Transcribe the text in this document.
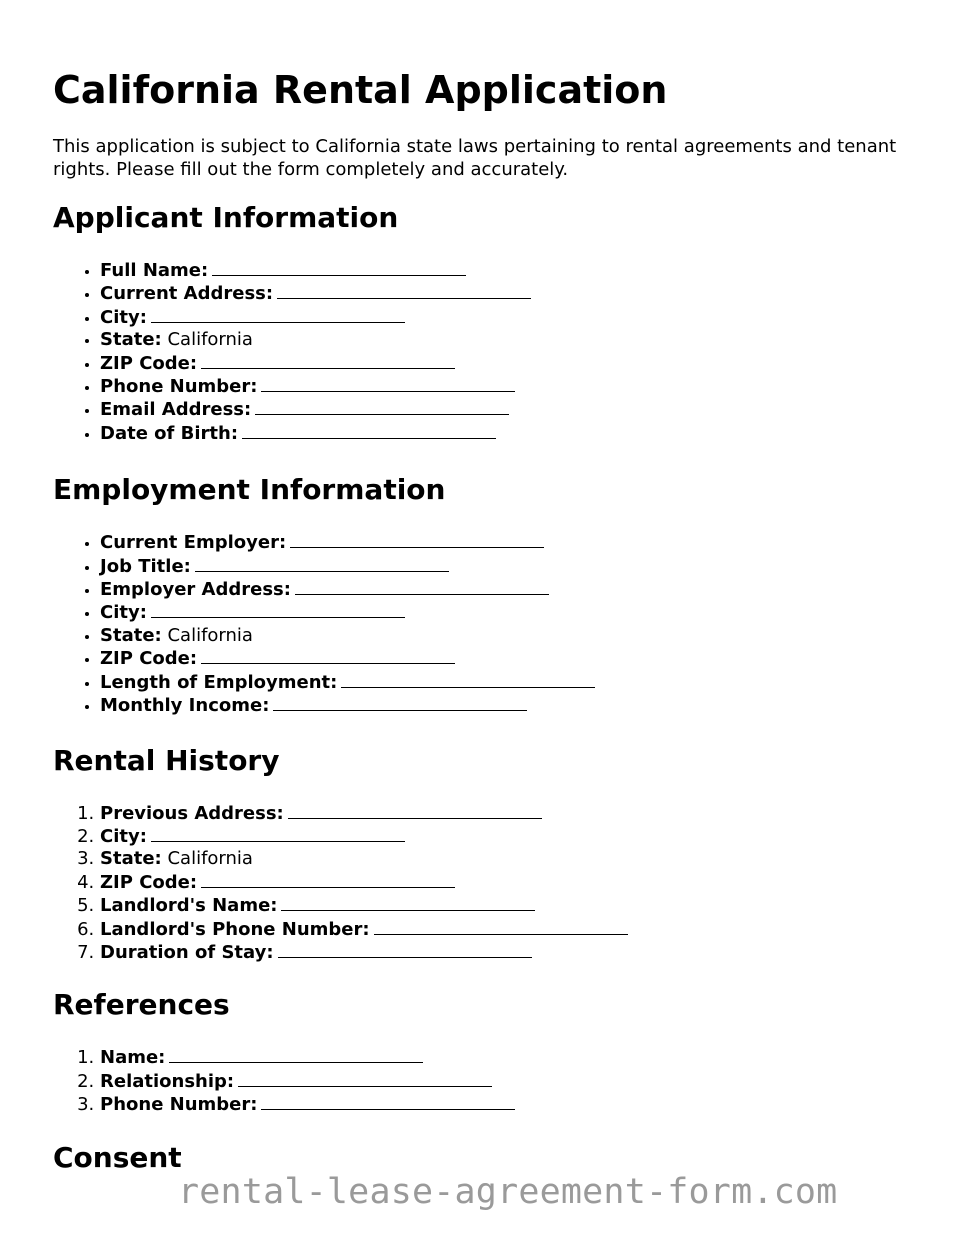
California Rental Application

This application is subject to California state laws pertaining to rental agreements and tenant rights. Please fill out the form completely and accurately.

Applicant Information
• Full Name:
• Current Address:
• City:
• State: California
• ZIP Code:
• Phone Number:
• Email Address:
• Date of Birth:
Employment Information
• Current Employer:
• Job Title:
• Employer Address:
• City:
• State: California
• ZIP Code:
• Length of Employment:
• Monthly Income:
Rental History
1. Previous Address:
2. City:
3. State: California
4. ZIP Code:
5. Landlord's Name:
6. Landlord's Phone Number:
7. Duration of Stay:
References
1. Name:
2. Relationship:
3. Phone Number:
Consent
rental-lease-agreement-form.com
